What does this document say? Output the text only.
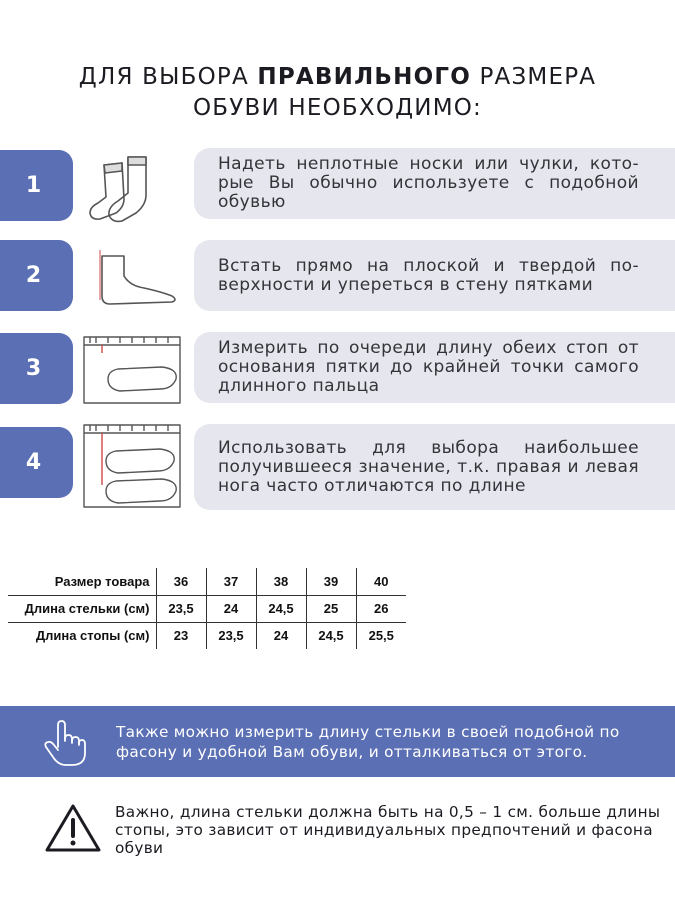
ДЛЯ ВЫБОРА ПРАВИЛЬНОГО РАЗМЕРА
ОБУВИ НЕОБХОДИМО:
1
Надеть неплотные носки или чулки, кото-рые Вы обычно используете с подобной обувью
2	Встать прямо на плоской и твердой по-верхности и упереться в стену пятками
3
Измерить по очереди длину обеих стоп от основания пятки до крайней точки самого длинного пальца
4
Использовать для выбора наибольшее получившееся значение, т.к. правая и левая нога часто отличаются по длине
Размер товара	36	37	38	39	40
Длина стельки (см)	23,5	24	24,5	25	26
Длина стопы (см)	23	23,5	24	24,5	25,5
Также можно измерить длину стельки в своей подобной по фасону и удобной Вам обуви, и отталкиваться от этого.
Важно, длина стельки должна быть на 0,5 – 1 см. больше длины стопы, это зависит от индивидуальных предпочтений и фасона обуви
